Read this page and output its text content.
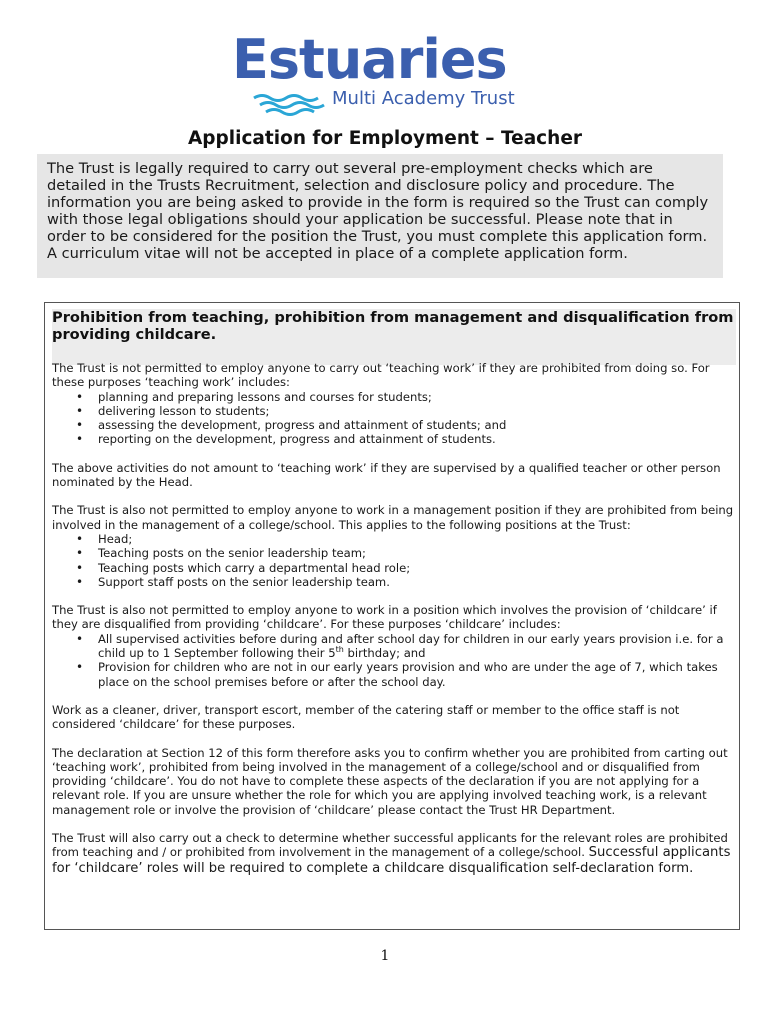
Estuaries
Multi Academy Trust
Application for Employment – Teacher
The Trust is legally required to carry out several pre-employment checks which are detailed in the Trusts Recruitment, selection and disclosure policy and procedure. The information you are being asked to provide in the form is required so the Trust can comply with those legal obligations should your application be successful. Please note that in order to be considered for the position the Trust, you must complete this application form. A curriculum vitae will not be accepted in place of a complete application form.
Prohibition from teaching, prohibition from management and disqualification from
providing childcare.

The Trust is not permitted to employ anyone to carry out ‘teaching work’ if they are prohibited from doing so. For these purposes ‘teaching work’ includes:

• planning and preparing lessons and courses for students;
• delivering lesson to students;
• assessing the development, progress and attainment of students; and
• reporting on the development, progress and attainment of students.

The above activities do not amount to ‘teaching work’ if they are supervised by a qualified teacher or other person nominated by the Head.

The Trust is also not permitted to employ anyone to work in a management position if they are prohibited from being involved in the management of a college/school. This applies to the following positions at the Trust:

• Head;
• Teaching posts on the senior leadership team;
• Teaching posts which carry a departmental head role;
• Support staff posts on the senior leadership team.

The Trust is also not permitted to employ anyone to work in a position which involves the provision of ‘childcare’ if they are disqualified from providing ‘childcare’. For these purposes ‘childcare’ includes:

• All supervised activities before during and after school day for children in our early years provision i.e. for a child up to 1 September following their 5th birthday; and
• Provision for children who are not in our early years provision and who are under the age of 7, which takes place on the school premises before or after the school day.

Work as a cleaner, driver, transport escort, member of the catering staff or member to the office staff is not considered ‘childcare’ for these purposes.

The declaration at Section 12 of this form therefore asks you to confirm whether you are prohibited from carting out ‘teaching work’, prohibited from being involved in the management of a college/school and or disqualified from providing ‘childcare’. You do not have to complete these aspects of the declaration if you are not applying for a relevant role. If you are unsure whether the role for which you are applying involved teaching work, is a relevant management role or involve the provision of ‘childcare’ please contact the Trust HR Department.

The Trust will also carry out a check to determine whether successful applicants for the relevant roles are prohibited from teaching and / or prohibited from involvement in the management of a college/school. Successful applicants for ‘childcare’ roles will be required to complete a childcare disqualification self-declaration form.

1
